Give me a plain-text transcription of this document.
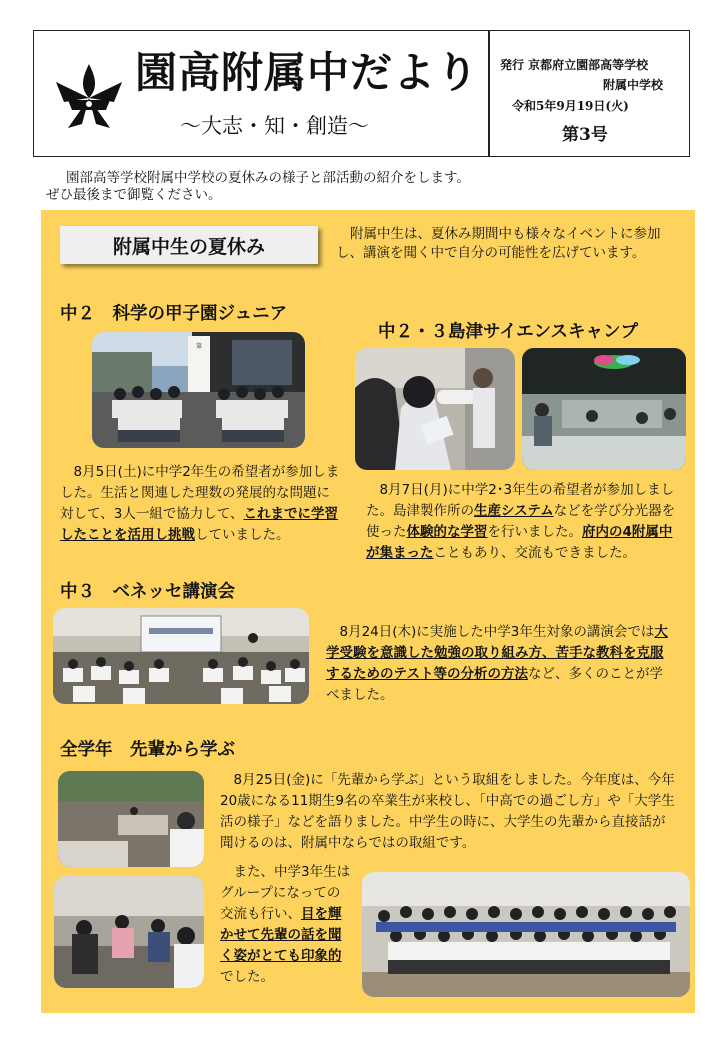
園高附属中だより
～大志・知・創造～
発行 京都府立園部高等学校
附属中学校
令和5年9月19日(火)
第3号
園部高等学校附属中学校の夏休みの様子と部活動の紹介をします。
ぜひ最後まで御覧ください。
附属中生の夏休み
附属中生は、夏休み期間中も様々なイベントに参加し、講演を聞く中で自分の可能性を広げています。
中２　科学の甲子園ジュニア
第
　8月5日(土)に中学2年生の希望者が参加しました。生活と関連した理数の発展的な問題に対して、3人一組で協力して、これまでに学習したことを活用し挑戦していました。
中２・３島津サイエンスキャンプ
　8月7日(月)に中学2･3年生の希望者が参加しました。島津製作所の生産システムなどを学び分光器を使った体験的な学習を行いました。府内の4附属中が集まったこともあり、交流もできました。
中３　ベネッセ講演会
　8月24日(木)に実施した中学3年生対象の講演会では大学受験を意識した勉強の取り組み方、苦手な教科を克服するためのテスト等の分析の方法など、多くのことが学べました。
全学年　先輩から学ぶ
　8月25日(金)に「先輩から学ぶ」という取組をしました。今年度は、今年20歳になる11期生9名の卒業生が来校し、「中高での過ごし方」や「大学生活の様子」などを語りました。中学生の時に、大学生の先輩から直接話が聞けるのは、附属中ならではの取組です。
　また、中学3年生はグループになっての交流も行い、目を輝かせて先輩の話を聞く姿がとても印象的でした。
